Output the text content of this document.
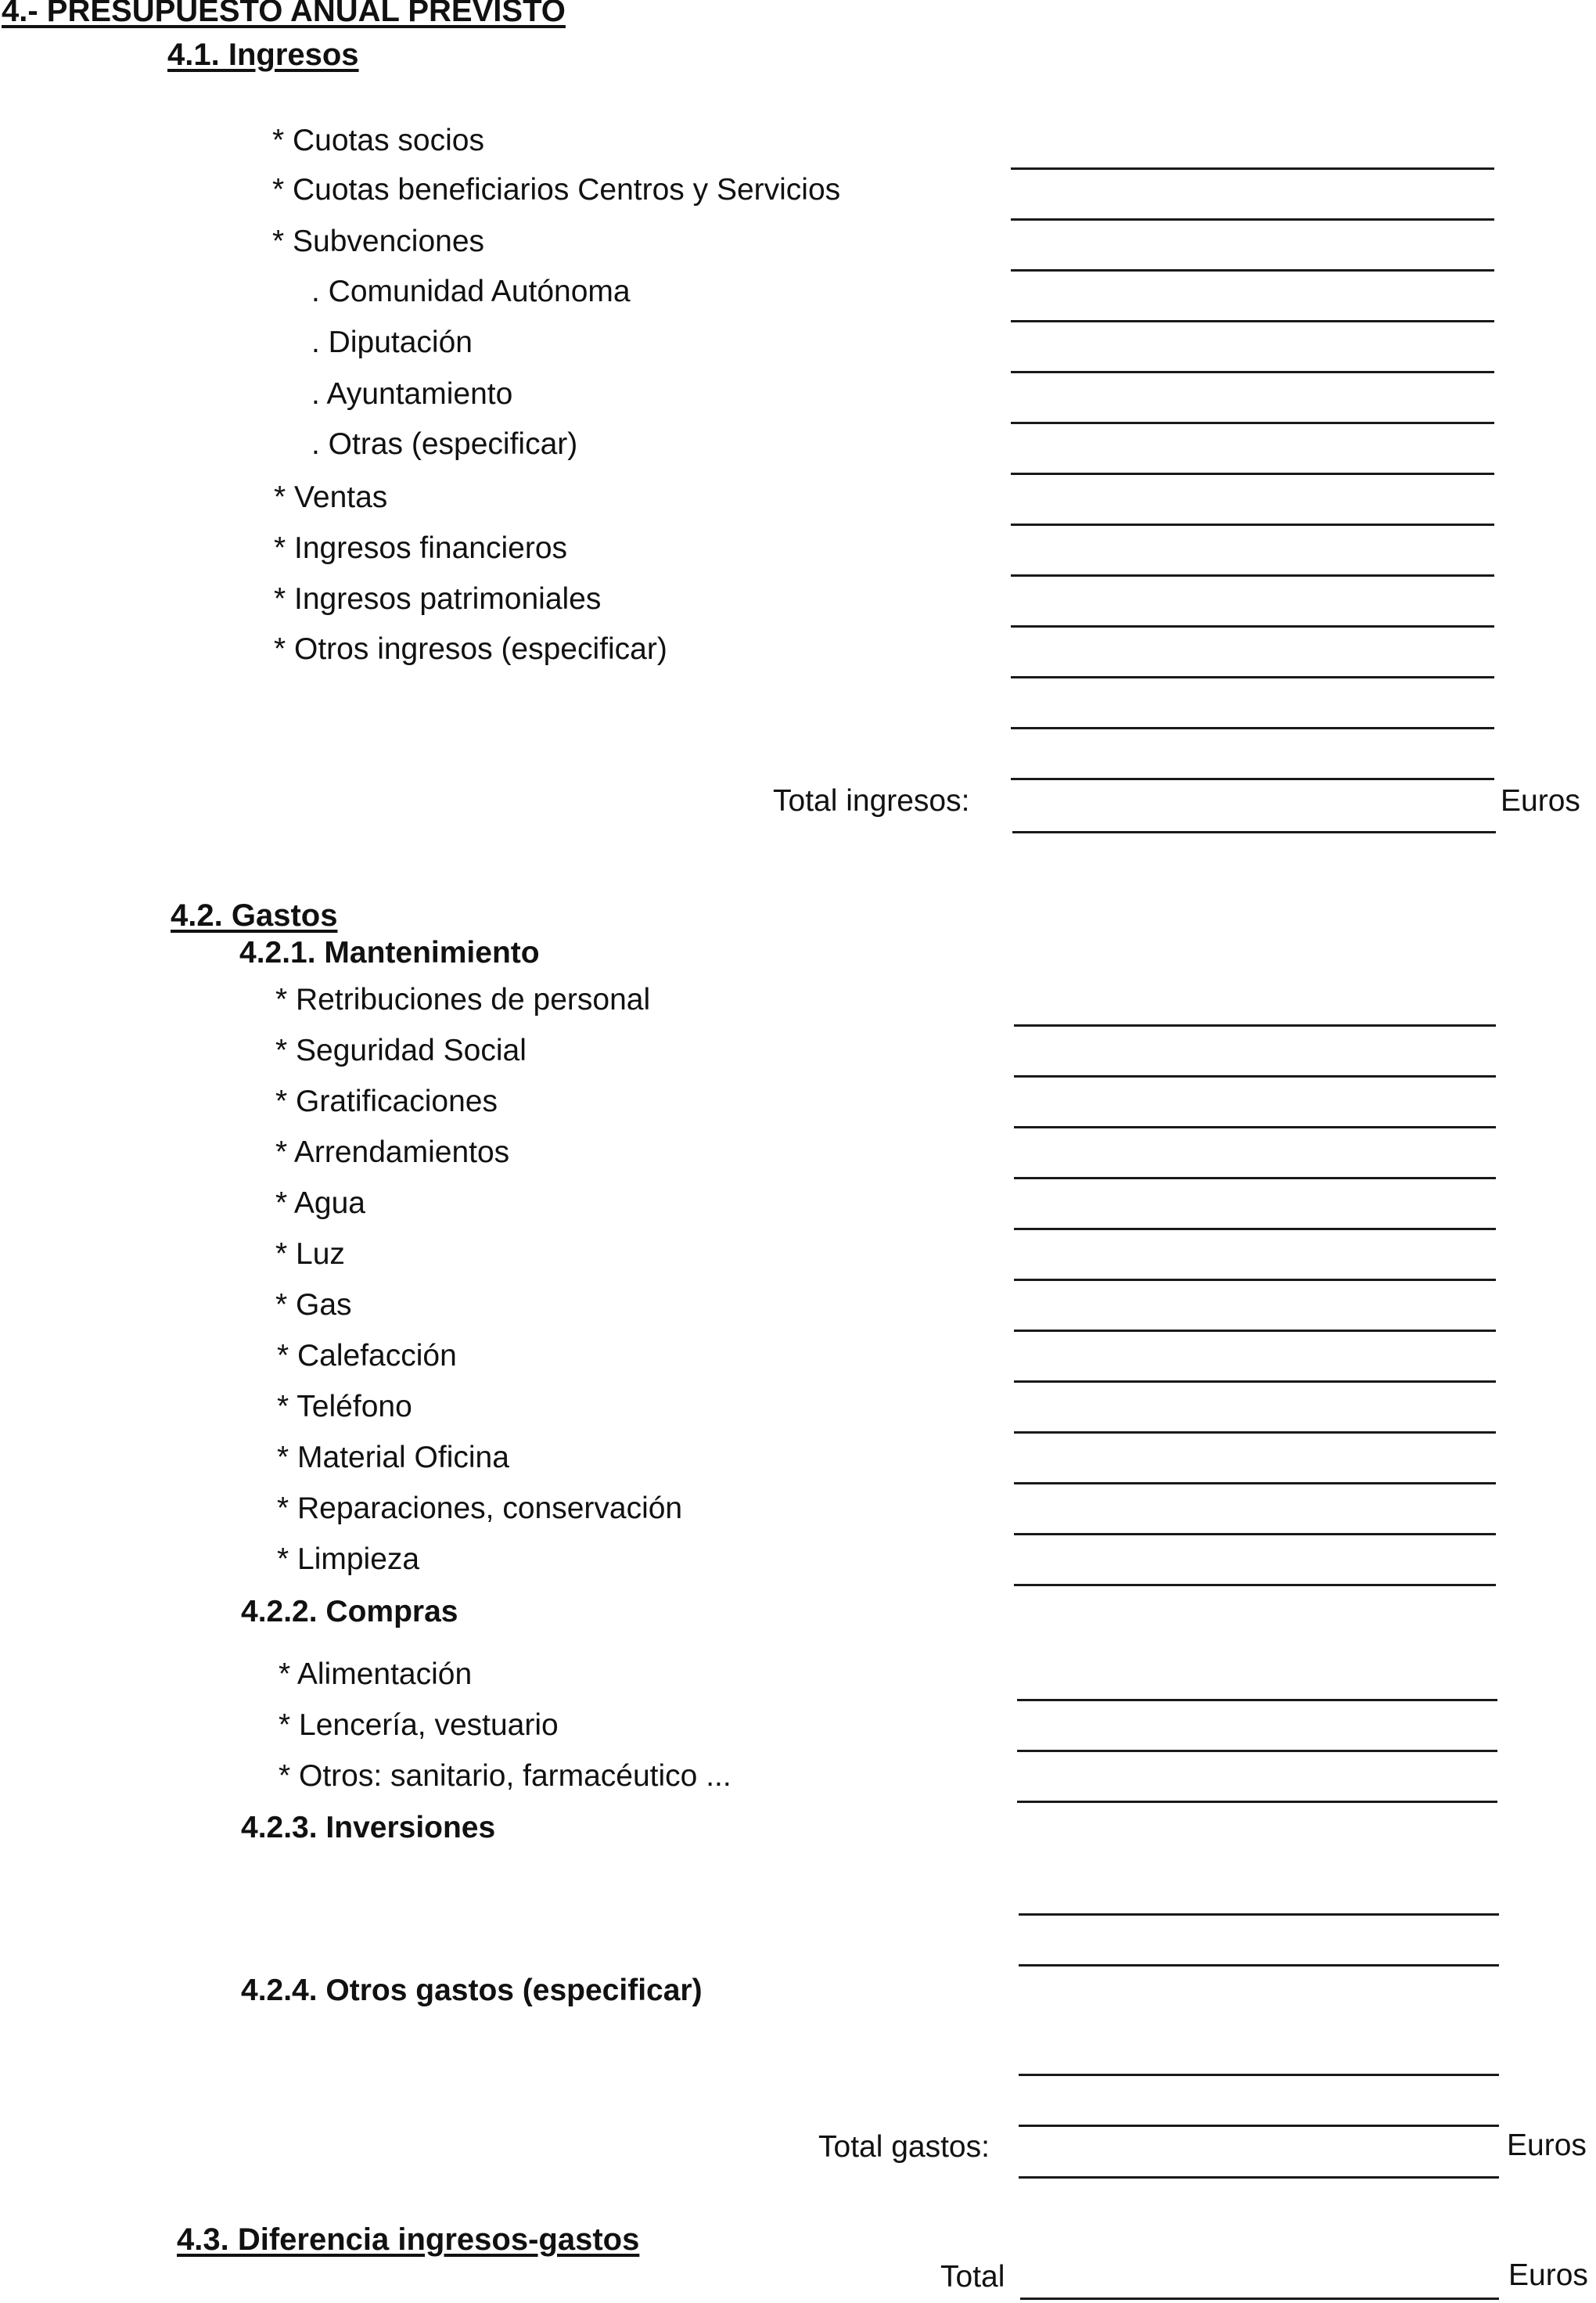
4.- PRESUPUESTO ANUAL PREVISTO
4.1. Ingresos
* Cuotas socios
* Cuotas beneficiarios Centros y Servicios
* Subvenciones
. Comunidad Autónoma
. Diputación
. Ayuntamiento
. Otras (especificar)
* Ventas
* Ingresos financieros
* Ingresos patrimoniales
* Otros ingresos (especificar)
Total ingresos:	Euros
4.2. Gastos
4.2.1. Mantenimiento
* Retribuciones de personal
* Seguridad Social
* Gratificaciones
* Arrendamientos
* Agua
* Luz
* Gas
* Calefacción
* Teléfono
* Material Oficina
* Reparaciones, conservación
* Limpieza
4.2.2. Compras
* Alimentación
* Lencería, vestuario
* Otros: sanitario, farmacéutico ...
4.2.3. Inversiones
4.2.4. Otros gastos (especificar)
Total gastos:	Euros
4.3. Diferencia ingresos-gastos
Total	Euros
